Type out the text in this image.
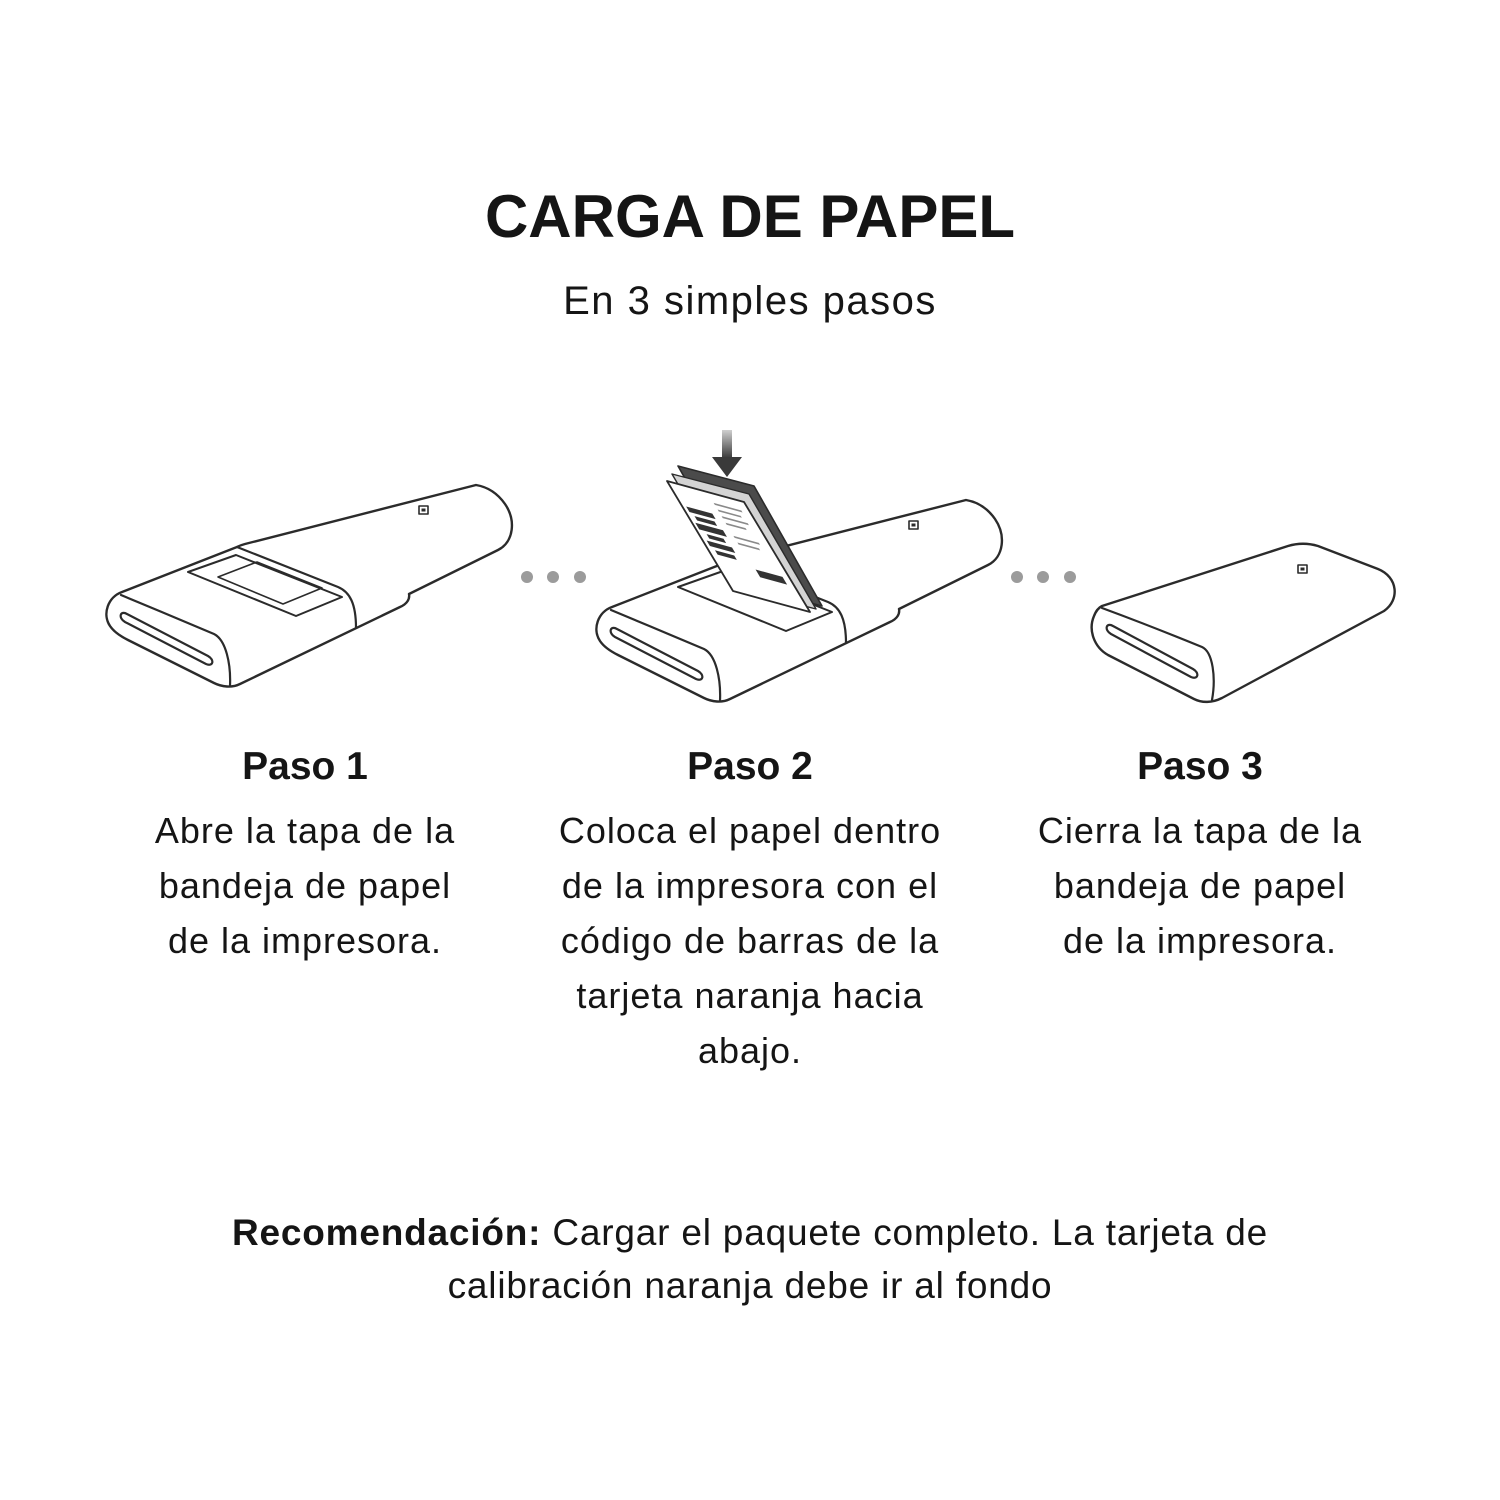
CARGA DE PAPEL
En 3 simples pasos
Paso 1
Abre la tapa de la
bandeja de papel
de la impresora.
Paso 2
Coloca el papel dentro
de la impresora con el
código de barras de la
tarjeta naranja hacia
abajo.
Paso 3
Cierra la tapa de la
bandeja de papel
de la impresora.
Recomendación: Cargar el paquete completo. La tarjeta de
calibración naranja debe ir al fondo
